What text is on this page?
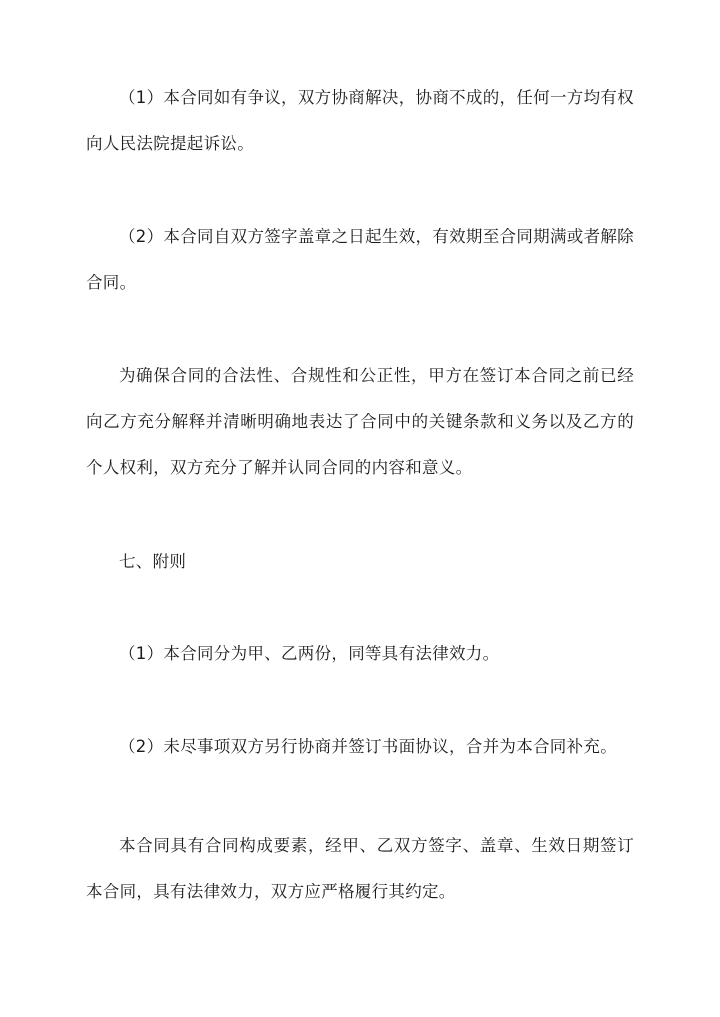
（1）本合同如有争议，双方协商解决，协商不成的，任何一方均有权向人民法院提起诉讼。

（2）本合同自双方签字盖章之日起生效，有效期至合同期满或者解除合同。

为确保合同的合法性、合规性和公正性，甲方在签订本合同之前已经向乙方充分解释并清晰明确地表达了合同中的关键条款和义务以及乙方的个人权利，双方充分了解并认同合同的内容和意义。

七、附则

（1）本合同分为甲、乙两份，同等具有法律效力。

（2）未尽事项双方另行协商并签订书面协议，合并为本合同补充。

本合同具有合同构成要素，经甲、乙双方签字、盖章、生效日期签订本合同，具有法律效力，双方应严格履行其约定。
